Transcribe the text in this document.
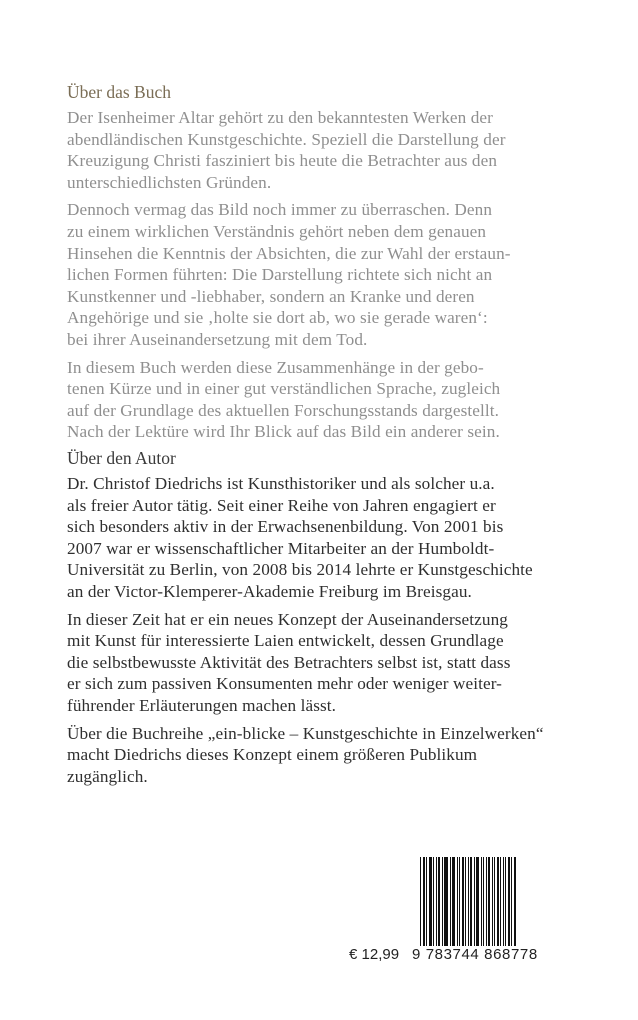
Über das Buch
Der Isenheimer Altar gehört zu den bekanntesten Werken der
abendländischen Kunstgeschichte. Speziell die Darstellung der
Kreuzigung Christi fasziniert bis heute die Betrachter aus den
unterschiedlichsten Gründen.
Dennoch vermag das Bild noch immer zu überraschen. Denn
zu einem wirklichen Verständnis gehört neben dem genauen
Hinsehen die Kenntnis der Absichten, die zur Wahl der erstaun-
lichen Formen führten: Die Darstellung richtete sich nicht an
Kunstkenner und -liebhaber, sondern an Kranke und deren
Angehörige und sie ‚holte sie dort ab, wo sie gerade waren‘:
bei ihrer Auseinandersetzung mit dem Tod.
In diesem Buch werden diese Zusammenhänge in der gebo-
tenen Kürze und in einer gut verständlichen Sprache, zugleich
auf der Grundlage des aktuellen Forschungsstands dargestellt.
Nach der Lektüre wird Ihr Blick auf das Bild ein anderer sein.
Über den Autor
Dr. Christof Diedrichs ist Kunsthistoriker und als solcher u.a.
als freier Autor tätig. Seit einer Reihe von Jahren engagiert er
sich besonders aktiv in der Erwachsenenbildung. Von 2001 bis
2007 war er wissenschaftlicher Mitarbeiter an der Humboldt-
Universität zu Berlin, von 2008 bis 2014 lehrte er Kunstgeschichte
an der Victor-Klemperer-Akademie Freiburg im Breisgau.
In dieser Zeit hat er ein neues Konzept der Auseinandersetzung
mit Kunst für interessierte Laien entwickelt, dessen Grundlage
die selbstbewusste Aktivität des Betrachters selbst ist, statt dass
er sich zum passiven Konsumenten mehr oder weniger weiter-
führender Erläuterungen machen lässt.
Über die Buchreihe „ein-blicke – Kunstgeschichte in Einzelwerken“
macht Diedrichs dieses Konzept einem größeren Publikum
zugänglich.
€ 12,99 9 783744 868778
